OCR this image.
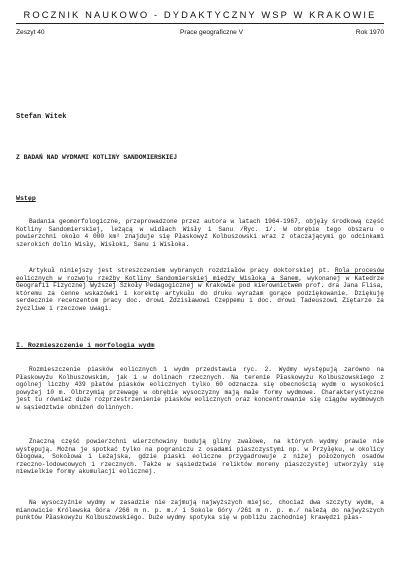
ROCZNIK NAUKOWO - DYDAKTYCZNY WSP W KRAKOWIE
Zeszyt 40	Prace geograficzne V	Rok 1970
Stefan Witek
Z BADAŃ NAD WYDMAMI KOTLINY SANDOMIERSKIEJ
Wstęp
Badania geomorfologiczne, przeprowadzone przez autora w latach 1964-1967, objęły środkową część Kotliny Sandomierskiej, leżącą w widłach Wisły i Sanu /Ryc. 1/. W obrębie tego obszaru o powierzchni około 4 000 km² znajduje się Płaskowyż Kolbuszowski wraz z otaczającymi go odcinkami szerokich dolin Wisły, Wisłoki, Sanu i Wisłoka.
Artykuł niniejszy jest streszczeniem wybranych rozdziałów pracy doktorskiej pt. Rola procesów eolicznych w rozwoju rzeźby Kotliny Sandomierskiej między Wisłoką a Sanem, wykonanej w Katedrze Geografii Fizycznej Wyższej Szkoły Pedagogicznej w Krakowie pod kierownictwem prof. dra Jana Flisa, któremu za cenne wskazówki i korektę artykułu do druku wyrażam gorące podziękowanie. Dziękuję serdecznie recenzentom pracy doc. drowi Zdzisławowi Czeppemu i doc. drowi Tadeuszowi Ziętarze za życzliwe i rzeczowe uwagi.
I. Rozmieszczenie i morfologia wydm
Rozmieszczenie piasków eolicznych i wydm przedstawia ryc. 2. Wydmy występują zarówno na Płaskowyżu Kolbuszowskim, jak i w dolinach rzecznych. Na terenie Płaskowyżu Kolbuszowskiego z ogólnej liczby 439 płatów piasków eolicznych tylko 60 odznacza się obecnością wydm o wysokości powyżej 10 m. Olbrzymią przewagę w obrębie wysoczyzny mają małe formy wydmowe. Charakterystyczne jest tu również duże rozprzestrzenienie piasków eolicznych oraz koncentrowanie się ciągów wydmowych w sąsiedztwie obniżeń dolinnych.
Znaczną część powierzchni wierzchowiny budują gliny zwałowe, na których wydmy prawie nie występują. Można je spotkać tylko na pograniczu z osadami piaszczystymi np. w Przyłęku, w okolicy Głogowa, Sokołowa i Leżajska, gdzie piaski eoliczne przygadrowuje z niżej położonych osadów rzeczno-lodowcowych i rzecznych. Także w sąsiedztwie reliktów moreny piaszczystej utworzyły się niewielkie formy akumulacji eolicznej.
Na wysoczyźnie wydmy w zasadzie nie zajmują najwyższych miejsc, chociaż dwa szczyty wydm, a mianowicie Królewska Góra /266 m n. p. m./ i Sokole Góry /261 m n. p. m./ należą do najwyższych punktów Płaskowyżu Kolbuszowskiego. Duże wydmy spotyka się w pobliżu zachodniej krawędzi płas-
